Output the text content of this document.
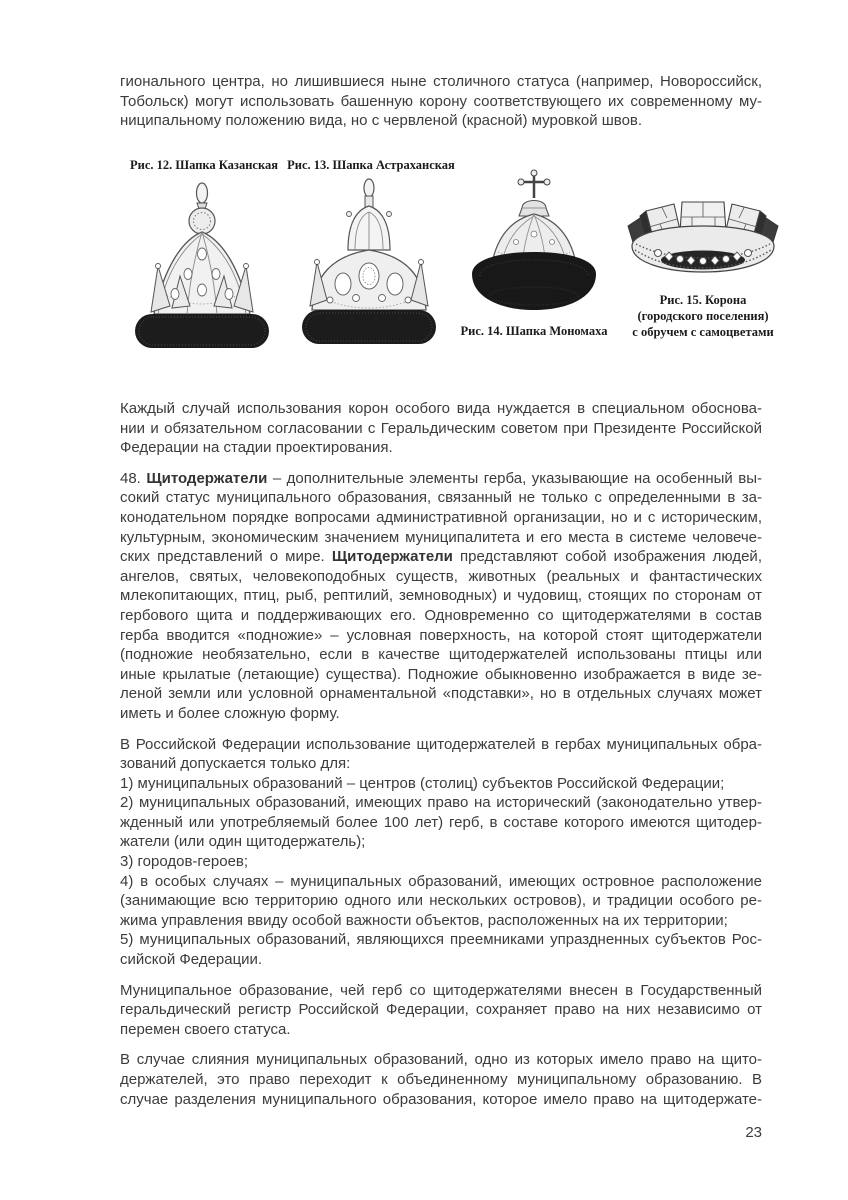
гионального центра, но лишившиеся ныне столичного статуса (например, Новороссийск,
Тобольск) могут использовать башенную корону соответствующего их современному му-
ниципальному положению вида, но с червленой (красной) муровкой швов.
Рис. 12. Шапка Казанская Рис. 13. Шапка Астраханская
Рис. 14. Шапка Мономаха
Рис. 15. Корона
(городского поселения)
с обручем с самоцветами
Каждый случай использования корон особого вида нуждается в специальном обоснова-
нии и обязательном согласовании с Геральдическим советом при Президенте Российской
Федерации на стадии проектирования.
48. Щитодержатели – дополнительные элементы герба, указывающие на особенный вы-
сокий статус муниципального образования, связанный не только с определенными в за-
конодательном порядке вопросами административной организации, но и с историческим,
культурным, экономическим значением муниципалитета и его места в системе человече-
ских представлений о мире. Щитодержатели представляют собой изображения людей,
ангелов, святых, человекоподобных существ, животных (реальных и фантастических
млекопитающих, птиц, рыб, рептилий, земноводных) и чудовищ, стоящих по сторонам от
гербового щита и поддерживающих его. Одновременно со щитодержателями в состав
герба вводится «подножие» – условная поверхность, на которой стоят щитодержатели
(подножие необязательно, если в качестве щитодержателей использованы птицы или
иные крылатые (летающие) существа). Подножие обыкновенно изображается в виде зе-
леной земли или условной орнаментальной «подставки», но в отдельных случаях может
иметь и более сложную форму.
В Российской Федерации использование щитодержателей в гербах муниципальных обра-
зований допускается только для:
1) муниципальных образований – центров (столиц) субъектов Российской Федерации;
2) муниципальных образований, имеющих право на исторический (законодательно утвер-
жденный или употребляемый более 100 лет) герб, в составе которого имеются щитодер-
жатели (или один щитодержатель);
3) городов-героев;
4) в особых случаях – муниципальных образований, имеющих островное расположение
(занимающие всю территорию одного или нескольких островов), и традиции особого ре-
жима управления ввиду особой важности объектов, расположенных на их территории;
5) муниципальных образований, являющихся преемниками упраздненных субъектов Рос-
сийской Федерации.
Муниципальное образование, чей герб со щитодержателями внесен в Государственный
геральдический регистр Российской Федерации, сохраняет право на них независимо от
перемен своего статуса.
В случае слияния муниципальных образований, одно из которых имело право на щито-
держателей, это право переходит к объединенному муниципальному образованию. В
случае разделения муниципального образования, которое имело право на щитодержате-
23
